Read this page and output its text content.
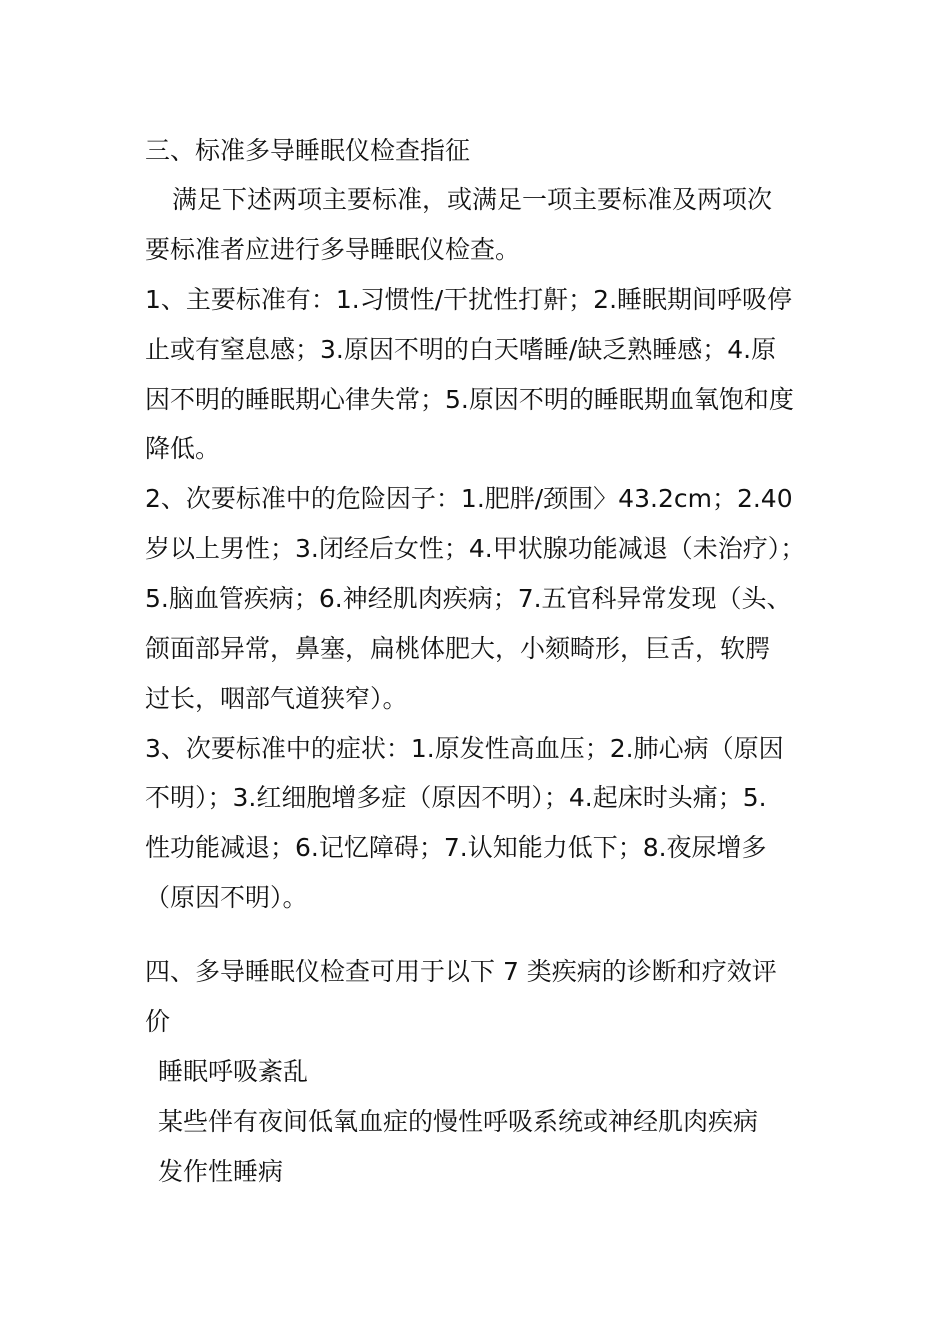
三、标准多导睡眠仪检查指征
满足下述两项主要标准，或满足一项主要标准及两项次
要标准者应进行多导睡眠仪检查。
1、主要标准有：1.习惯性/干扰性打鼾；2.睡眠期间呼吸停
止或有窒息感；3.原因不明的白天嗜睡/缺乏熟睡感；4.原
因不明的睡眠期心律失常；5.原因不明的睡眠期血氧饱和度
降低。
2、次要标准中的危险因子：1.肥胖/颈围〉43.2cm；2.40
岁以上男性；3.闭经后女性；4.甲状腺功能减退（未治疗）；
5.脑血管疾病；6.神经肌肉疾病；7.五官科异常发现（头、
颌面部异常，鼻塞，扁桃体肥大，小颏畸形，巨舌，软腭
过长，咽部气道狭窄）。
3、次要标准中的症状：1.原发性高血压；2.肺心病（原因
不明）；3.红细胞增多症（原因不明）；4.起床时头痛；5.
性功能减退；6.记忆障碍；7.认知能力低下；8.夜尿增多
（原因不明）。
四、多导睡眠仪检查可用于以下 7 类疾病的诊断和疗效评
价
睡眠呼吸紊乱
某些伴有夜间低氧血症的慢性呼吸系统或神经肌肉疾病
发作性睡病
